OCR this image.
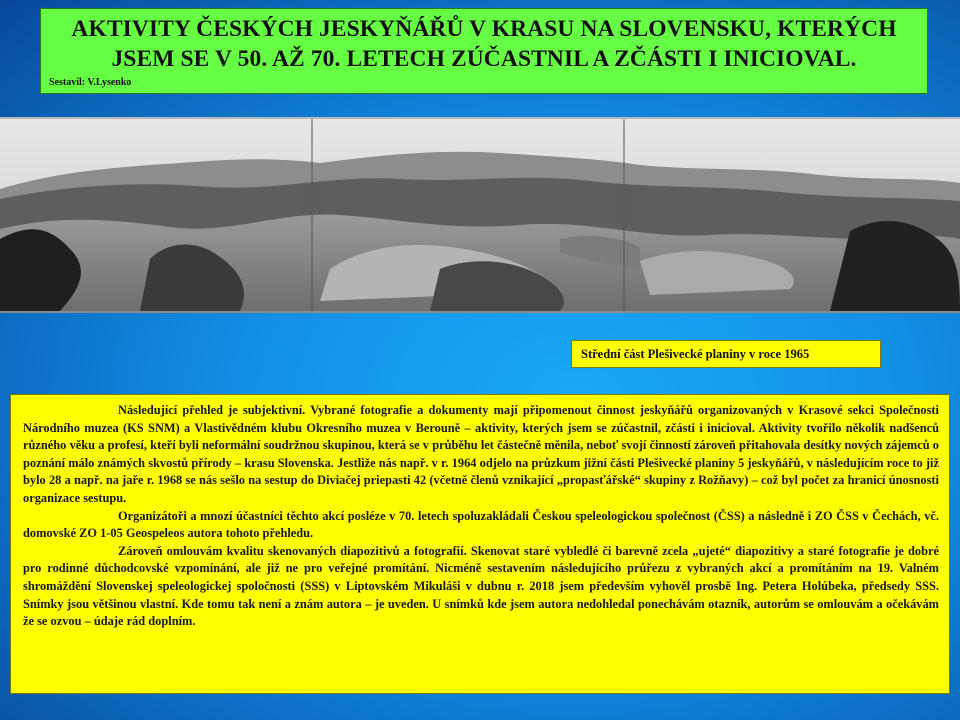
AKTIVITY ČESKÝCH JESKYŇÁŘŮ V KRASU NA SLOVENSKU, KTERÝCH JSEM SE V 50. AŽ 70. LETECH ZÚČASTNIL A ZČÁSTI I INICIOVAL.
Sestavil: V.Lysenko
Střední část Plešivecké planiny v roce 1965

Následující přehled je subjektivní. Vybrané fotografie a dokumenty mají připomenout činnost jeskyňářů organizovaných v Krasové sekci Společnosti Národního muzea (KS SNM) a Vlastivědném klubu Okresního muzea v Berouně – aktivity, kterých jsem se zúčastnil, zčásti i inicioval. Aktivity tvořilo několik nadšenců různého věku a profesí, kteří byli neformální soudržnou skupinou, která se v průběhu let částečně měnila, neboť svojí činností zároveň přitahovala desítky nových zájemců o poznání málo známých skvostů přírody – krasu Slovenska. Jestliže nás např. v r. 1964 odjelo na průzkum jižní části Plešivecké planiny 5 jeskyňářů, v následujícím roce to již bylo 28 a např. na jaře r. 1968 se nás sešlo na sestup do Diviačej priepasti 42 (včetně členů vznikající „propasťářské“ skupiny z Rožňavy) – což byl počet za hranicí únosnosti organizace sestupu.

Organizátoři a mnozí účastníci těchto akcí posléze v 70. letech spoluzakládali Českou speleologickou společnost (ČSS) a následně i ZO ČSS v Čechách, vč. domovské ZO 1-05 Geospeleos autora tohoto přehledu.

Zároveň omlouvám kvalitu skenovaných diapozitivů a fotografií. Skenovat staré vybledlé či barevně zcela „ujeté“ diapozitivy a staré fotografie je dobré pro rodinné důchodcovské vzpomínání, ale již ne pro veřejné promítání. Nicméně sestavením následujícího průřezu z vybraných akcí a promítáním na 19. Valném shromáždění Slovenskej speleologickej spoločnosti (SSS) v Liptovském Mikuláši v dubnu r. 2018 jsem především vyhověl prosbě Ing. Petera Holúbeka, předsedy SSS. Snímky jsou většinou vlastní. Kde tomu tak není a znám autora – je uveden. U snímků kde jsem autora nedohledal ponechávám otazník, autorům se omlouvám a očekávám že se ozvou – údaje rád doplním.
